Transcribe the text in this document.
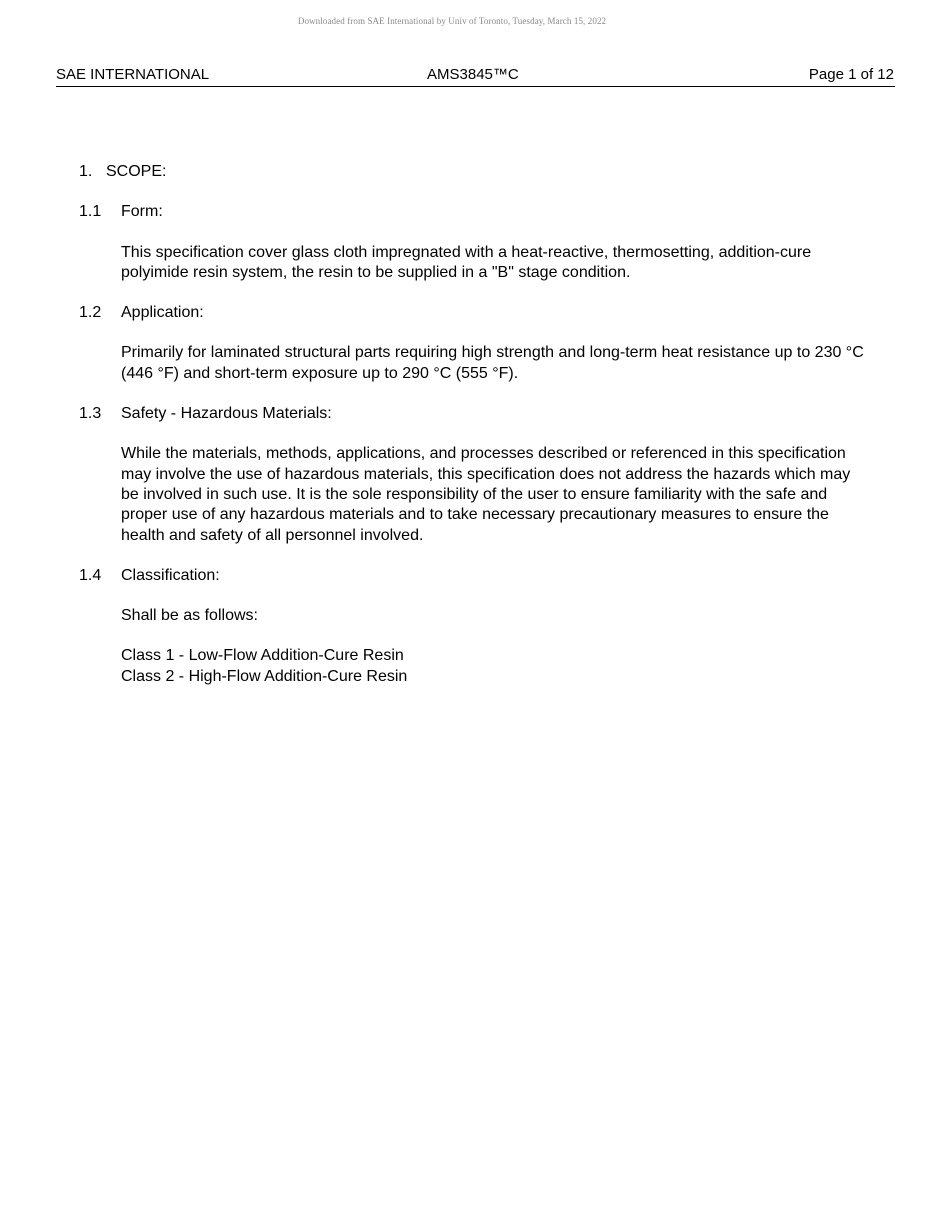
Downloaded from SAE International by Univ of Toronto, Tuesday, March 15, 2022
SAE INTERNATIONAL	AMS3845™C	Page 1 of 12
1. SCOPE:
1.1	Form:
This specification cover glass cloth impregnated with a heat-reactive, thermosetting, addition-cure polyimide resin system, the resin to be supplied in a "B" stage condition.
1.2	Application:
Primarily for laminated structural parts requiring high strength and long-term heat resistance up to 230 °C (446 °F) and short-term exposure up to 290 °C (555 °F).
1.3	Safety - Hazardous Materials:
While the materials, methods, applications, and processes described or referenced in this specification may involve the use of hazardous materials, this specification does not address the hazards which may be involved in such use. It is the sole responsibility of the user to ensure familiarity with the safe and proper use of any hazardous materials and to take necessary precautionary measures to ensure the health and safety of all personnel involved.
1.4	Classification:
Shall be as follows:
Class 1 - Low-Flow Addition-Cure Resin
Class 2 - High-Flow Addition-Cure Resin
